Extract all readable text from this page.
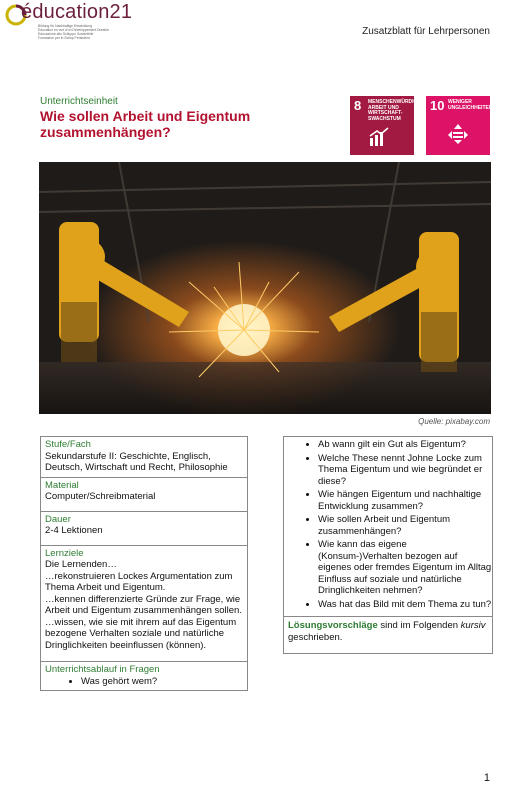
éducation21
Bildung für Nachhaltige Entwicklung
Education en vue d'un Développement Durable
Educazione allo Sviluppo Sostenibile
Furmaziun per in Svilup Persistent
Zusatzblatt für Lehrpersonen
Unterrichtseinheit
Wie sollen Arbeit und Eigentum zusammenhängen?
8 MENSCHENWÜRDIGE ARBEIT UND WIRTSCHAFT-SWACHSTUM
10 WENIGER UNGLEICHHEITEN
Quelle: pixabay.com
Stufe/Fach
Sekundarstufe II: Geschichte, Englisch, Deutsch, Wirtschaft und Recht, Philosophie
Material
Computer/Schreibmaterial
Dauer
2-4 Lektionen
Lernziele
Die Lernenden…
…rekonstruieren Lockes Argumentation zum Thema Arbeit und Eigentum.
…kennen differenzierte Gründe zur Frage, wie Arbeit und Eigentum zusammenhängen sollen.
…wissen, wie sie mit ihrem auf das Eigentum bezogene Verhalten soziale und natürliche Dringlichkeiten beeinflussen (können).
Unterrichtsablauf in Fragen
• Was gehört wem?
• Ab wann gilt ein Gut als Eigentum?
• Welche These nennt Johne Locke zum Thema Eigentum und wie begründet er diese?
• Wie hängen Eigentum und nachhaltige Entwicklung zusammen?
• Wie sollen Arbeit und Eigentum zusammenhängen?
• Wie kann das eigene (Konsum-)Verhalten bezogen auf eigenes oder fremdes Eigentum im Alltag Einfluss auf soziale und natürliche Dringlichkeiten nehmen?
• Was hat das Bild mit dem Thema zu tun?
Lösungsvorschläge sind im Folgenden kursiv geschrieben.
1
